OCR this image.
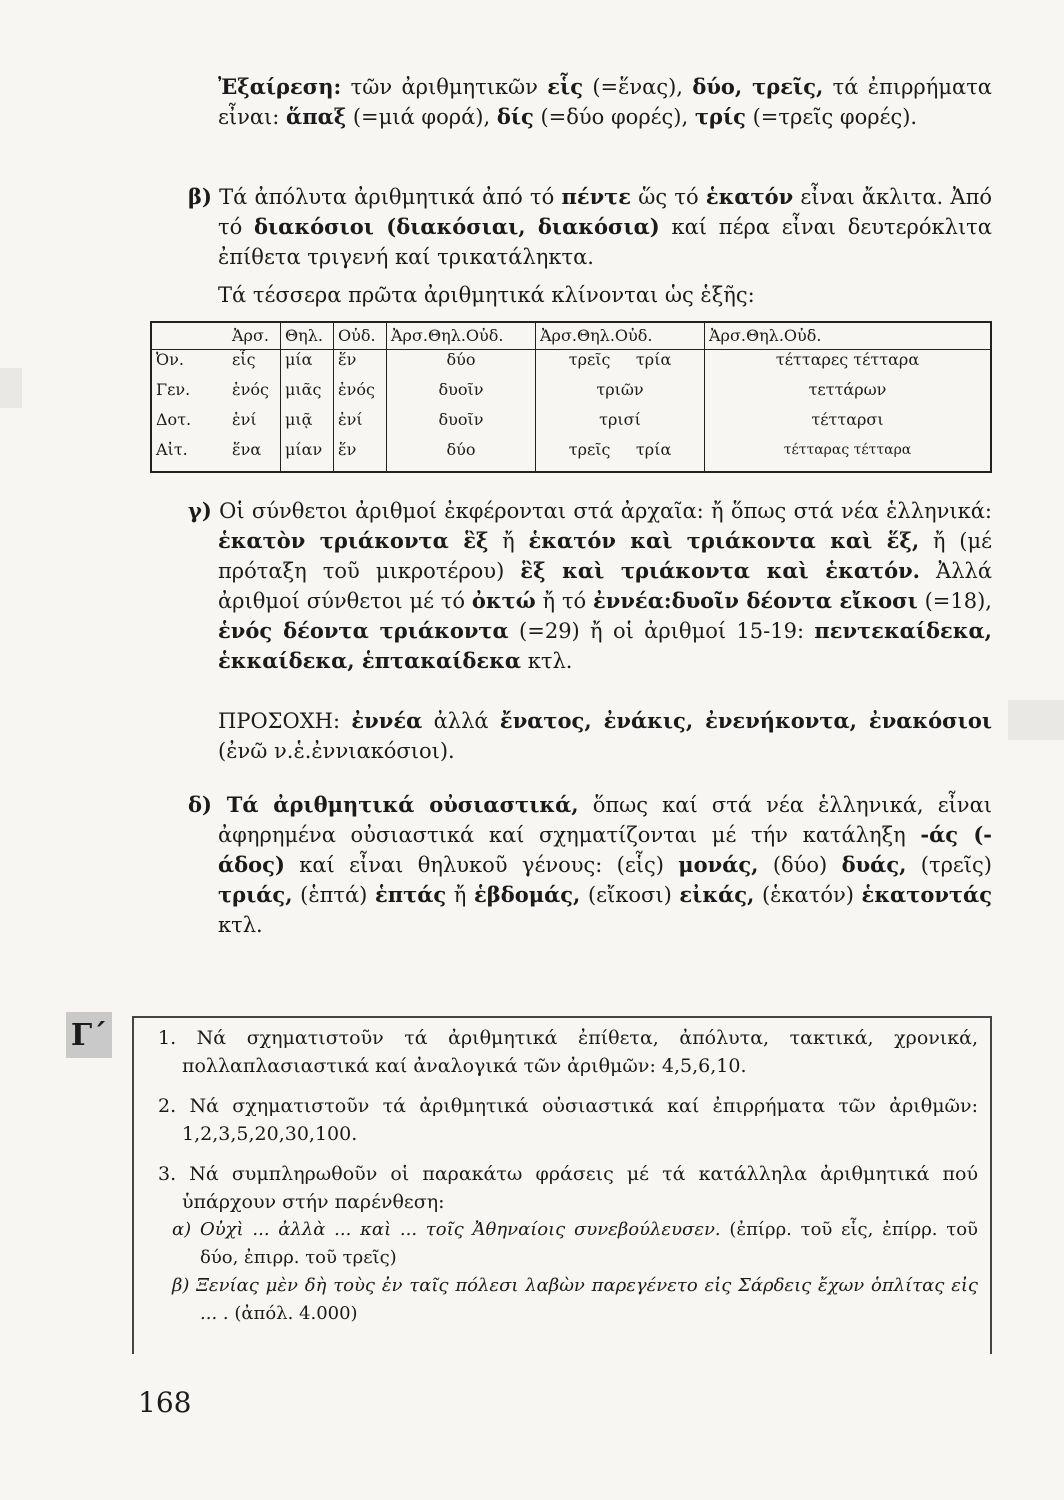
Ἐξαίρεση: τῶν ἀριθμητικῶν εἷς (=ἕνας), δύο, τρεῖς, τά ἐπιρρήματα εἶναι: ἅπαξ (=μιά φορά), δίς (=δύο φορές), τρίς (=τρεῖς φορές).

β) Τά ἀπόλυτα ἀριθμητικά ἀπό τό πέντε ὥς τό ἑκατόν εἶναι ἄκλιτα. Ἀπό τό διακόσιοι (διακόσιαι, διακόσια) καί πέρα εἶναι δευτερόκλιτα ἐπίθετα τριγενή καί τρικατάληκτα.

Τά τέσσερα πρῶτα ἀριθμητικά κλίνονται ὡς ἑξῆς:
	Ἀρσ.	Θηλ.	Οὐδ.	Ἀρσ.Θηλ.Οὐδ.	Ἀρσ.Θηλ.Οὐδ.	Ἀρσ.Θηλ.Οὐδ.
Ὀν.	εἷς	μία	ἕν	δύο	τρεῖς     τρία	τέτταρες τέτταρα
Γεν.	ἑνός	μιᾶς	ἑνός	δυοῖν	τριῶν	τεττάρων
Δοτ.	ἑνί	μιᾷ	ἑνί	δυοῖν	τρισί	τέτταρσι
Αἰτ.	ἕνα	μίαν	ἕν	δύο	τρεῖς     τρία	τέτταρας τέτταρα

γ) Οἱ σύνθετοι ἀριθμοί ἐκφέρονται στά ἀρχαῖα: ἤ ὅπως στά νέα ἑλληνικά: ἑκατὸν τριάκοντα ἓξ ἤ ἑκατόν καὶ τριάκοντα καὶ ἕξ, ἤ (μέ πρόταξη τοῦ μικροτέρου) ἓξ καὶ τριάκοντα καὶ ἑκατόν. Ἀλλά ἀριθμοί σύνθετοι μέ τό ὀκτώ ἤ τό ἐννέα:δυοῖν δέοντα εἴκοσι (=18), ἑνός δέοντα τριάκοντα (=29) ἤ οἱ ἀριθμοί 15-19: πεντεκαίδεκα, ἑκκαίδεκα, ἑπτακαίδεκα κτλ.

ΠΡΟΣΟΧΗ: ἐννέα ἀλλά ἔνατος, ἐνάκις, ἐνενήκοντα, ἐνακόσιοι (ἐνῶ ν.ἑ.ἐννιακόσιοι).

δ) Τά ἀριθμητικά οὐσιαστικά, ὅπως καί στά νέα ἑλληνικά, εἶναι ἀφηρημένα οὐσιαστικά καί σχηματίζονται μέ τήν κατάληξη -άς (-άδος) καί εἶναι θηλυκοῦ γένους: (εἷς) μονάς, (δύο) δυάς, (τρεῖς) τριάς, (ἑπτά) ἑπτάς ἤ ἑβδομάς, (εἴκοσι) εἰκάς, (ἑκατόν) ἑκατοντάς κτλ.

Γ΄	1. Νά σχηματιστοῦν τά ἀριθμητικά ἐπίθετα, ἀπόλυτα, τακτικά, χρονικά, πολλαπλασιαστικά καί ἀναλογικά τῶν ἀριθμῶν: 4,5,6,10.

2. Νά σχηματιστοῦν τά ἀριθμητικά οὐσιαστικά καί ἐπιρρήματα τῶν ἀριθμῶν: 1,2,3,5,20,30,100.

3. Νά συμπληρωθοῦν οἱ παρακάτω φράσεις μέ τά κατάλληλα ἀριθμητικά πού ὑπάρχουν στήν παρένθεση:

α) Οὐχὶ ... ἀλλὰ ... καὶ ... τοῖς Ἀθηναίοις συνεβούλευσεν. (ἐπίρρ. τοῦ εἷς, ἐπίρρ. τοῦ δύο, ἐπιρρ. τοῦ τρεῖς)

β) Ξενίας μὲν δὴ τοὺς ἐν ταῖς πόλεσι λαβὼν παρεγένετο εἰς Σάρδεις ἔχων ὁπλίτας εἰς ... . (ἀπόλ. 4.000)

168
